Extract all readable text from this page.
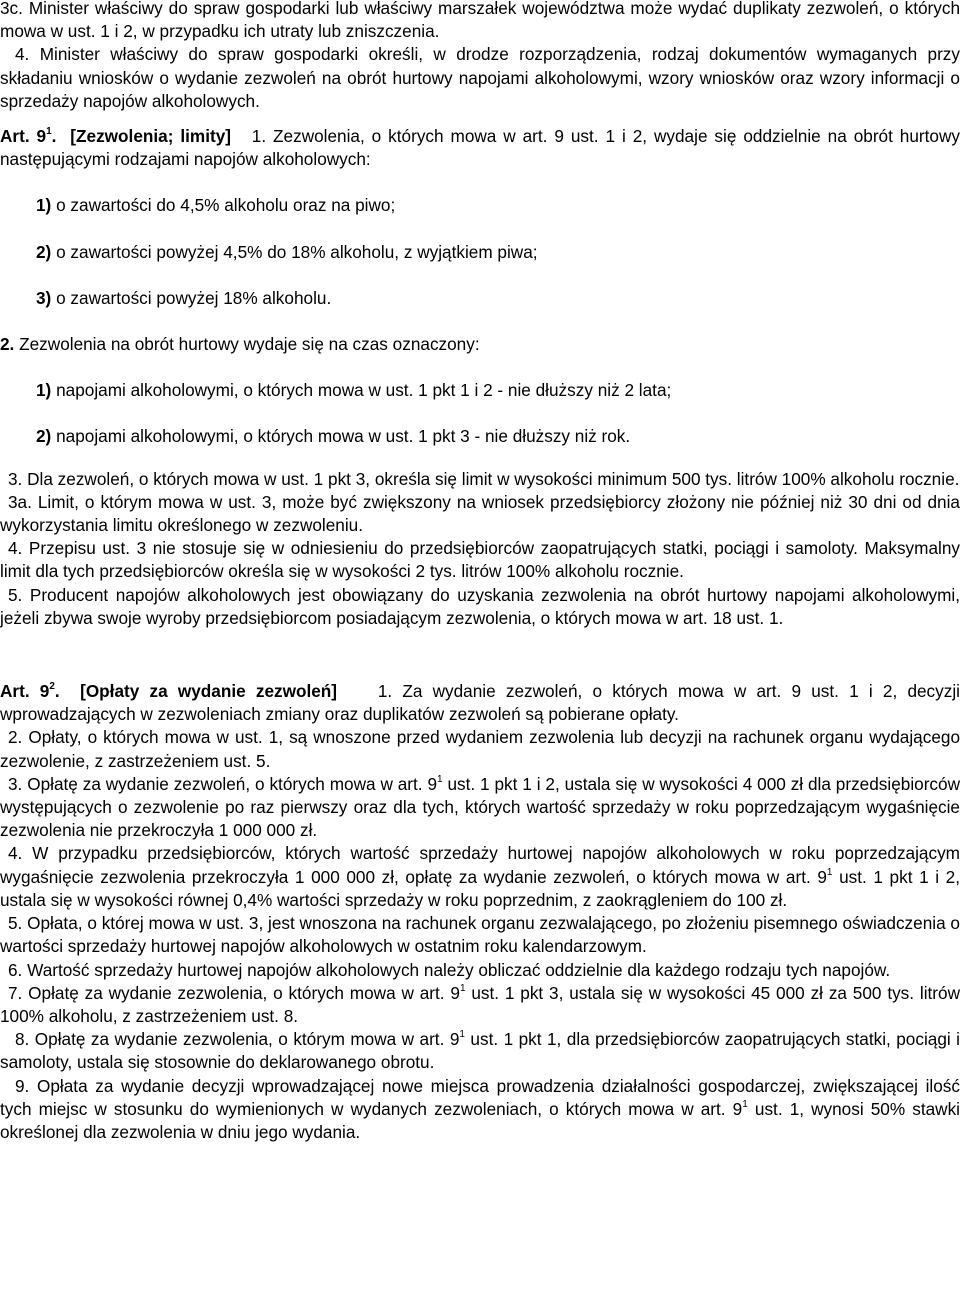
3c. Minister właściwy do spraw gospodarki lub właściwy marszałek województwa może wydać duplikaty zezwoleń, o których mowa w ust. 1 i 2, w przypadku ich utraty lub zniszczenia.

4. Minister właściwy do spraw gospodarki określi, w drodze rozporządzenia, rodzaj dokumentów wymaganych przy składaniu wniosków o wydanie zezwoleń na obrót hurtowy napojami alkoholowymi, wzory wniosków oraz wzory informacji o sprzedaży napojów alkoholowych.

Art. $9^1$. [Zezwolenia; limity] 1. Zezwolenia, o których mowa w art. 9 ust. 1 i 2, wydaje się oddzielnie na obrót hurtowy następującymi rodzajami napojów alkoholowych:

1) o zawartości do 4,5% alkoholu oraz na piwo;
2) o zawartości powyżej 4,5% do 18% alkoholu, z wyjątkiem piwa;
3) o zawartości powyżej 18% alkoholu.

2. Zezwolenia na obrót hurtowy wydaje się na czas oznaczony:

1) napojami alkoholowymi, o których mowa w ust. 1 pkt 1 i 2 - nie dłuższy niż 2 lata;
2) napojami alkoholowymi, o których mowa w ust. 1 pkt 3 - nie dłuższy niż rok.

3. Dla zezwoleń, o których mowa w ust. 1 pkt 3, określa się limit w wysokości minimum 500 tys. litrów 100% alkoholu rocznie.

3a. Limit, o którym mowa w ust. 3, może być zwiększony na wniosek przedsiębiorcy złożony nie później niż 30 dni od dnia wykorzystania limitu określonego w zezwoleniu.

4. Przepisu ust. 3 nie stosuje się w odniesieniu do przedsiębiorców zaopatrujących statki, pociągi i samoloty. Maksymalny limit dla tych przedsiębiorców określa się w wysokości 2 tys. litrów 100% alkoholu rocznie.

5. Producent napojów alkoholowych jest obowiązany do uzyskania zezwolenia na obrót hurtowy napojami alkoholowymi, jeżeli zbywa swoje wyroby przedsiębiorcom posiadającym zezwolenia, o których mowa w art. 18 ust. 1.

Art. $9^2$. [Opłaty za wydanie zezwoleń] 1. Za wydanie zezwoleń, o których mowa w art. 9 ust. 1 i 2, decyzji wprowadzających w zezwoleniach zmiany oraz duplikatów zezwoleń są pobierane opłaty.

2. Opłaty, o których mowa w ust. 1, są wnoszone przed wydaniem zezwolenia lub decyzji na rachunek organu wydającego zezwolenie, z zastrzeżeniem ust. 5.

3. Opłatę za wydanie zezwoleń, o których mowa w art. $9^1$ ust. 1 pkt 1 i 2, ustala się w wysokości 4 000 zł dla przedsiębiorców występujących o zezwolenie po raz pierwszy oraz dla tych, których wartość sprzedaży w roku poprzedzającym wygaśnięcie zezwolenia nie przekroczyła 1 000 000 zł.

4. W przypadku przedsiębiorców, których wartość sprzedaży hurtowej napojów alkoholowych w roku poprzedzającym wygaśnięcie zezwolenia przekroczyła 1 000 000 zł, opłatę za wydanie zezwoleń, o których mowa w art. $9^1$ ust. 1 pkt 1 i 2, ustala się w wysokości równej 0,4% wartości sprzedaży w roku poprzednim, z zaokrągleniem do 100 zł.

5. Opłata, o której mowa w ust. 3, jest wnoszona na rachunek organu zezwalającego, po złożeniu pisemnego oświadczenia o wartości sprzedaży hurtowej napojów alkoholowych w ostatnim roku kalendarzowym.

6. Wartość sprzedaży hurtowej napojów alkoholowych należy obliczać oddzielnie dla każdego rodzaju tych napojów.

7. Opłatę za wydanie zezwolenia, o których mowa w art. $9^1$ ust. 1 pkt 3, ustala się w wysokości 45 000 zł za 500 tys. litrów 100% alkoholu, z zastrzeżeniem ust. 8.

8. Opłatę za wydanie zezwolenia, o którym mowa w art. $9^1$ ust. 1 pkt 1, dla przedsiębiorców zaopatrujących statki, pociągi i samoloty, ustala się stosownie do deklarowanego obrotu.

9. Opłata za wydanie decyzji wprowadzającej nowe miejsca prowadzenia działalności gospodarczej, zwiększającej ilość tych miejsc w stosunku do wymienionych w wydanych zezwoleniach, o których mowa w art. $9^1$ ust. 1, wynosi 50% stawki określonej dla zezwolenia w dniu jego wydania.
